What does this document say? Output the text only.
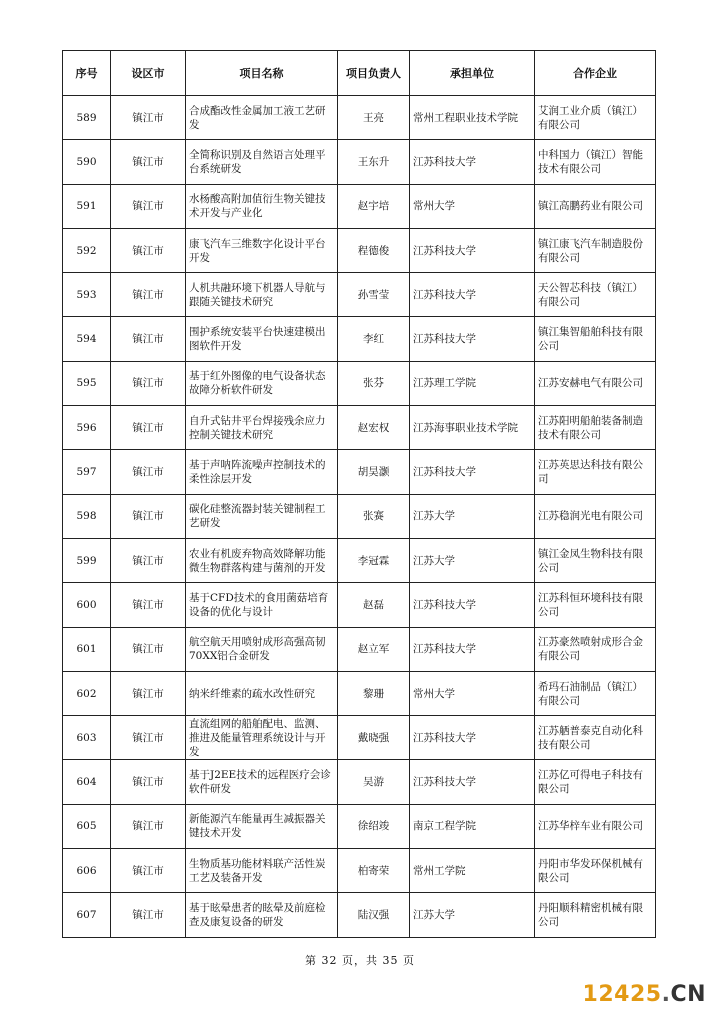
序号	设区市	项目名称	项目负责人	承担单位	合作企业
589	镇江市	合成酯改性金属加工液工艺研发	王亮	常州工程职业技术学院	艾润工业介质（镇江）有限公司
590	镇江市	全简称识别及自然语言处理平台系统研发	王东升	江苏科技大学	中科国力（镇江）智能技术有限公司
591	镇江市	水杨酸高附加值衍生物关键技术开发与产业化	赵宇培	常州大学	镇江高鹏药业有限公司
592	镇江市	康飞汽车三维数字化设计平台开发	程德俊	江苏科技大学	镇江康飞汽车制造股份有限公司
593	镇江市	人机共融环境下机器人导航与跟随关键技术研究	孙雪莹	江苏科技大学	天公智芯科技（镇江）有限公司
594	镇江市	围护系统安装平台快速建模出图软件开发	李红	江苏科技大学	镇江集智船舶科技有限公司
595	镇江市	基于红外图像的电气设备状态故障分析软件研发	张芬	江苏理工学院	江苏安赫电气有限公司
596	镇江市	自升式钻井平台焊接残余应力控制关键技术研究	赵宏权	江苏海事职业技术学院	江苏阳明船舶装备制造技术有限公司
597	镇江市	基于声呐阵流噪声控制技术的柔性涂层开发	胡昊灏	江苏科技大学	江苏英思达科技有限公司
598	镇江市	碳化硅整流器封装关键制程工艺研发	张赛	江苏大学	江苏稳润光电有限公司
599	镇江市	农业有机废弃物高效降解功能微生物群落构建与菌剂的开发	李冠霖	江苏大学	镇江金凤生物科技有限公司
600	镇江市	基于CFD技术的食用菌菇培育设备的优化与设计	赵磊	江苏科技大学	江苏科恒环境科技有限公司
601	镇江市	航空航天用喷射成形高强高韧70XX铝合金研发	赵立军	江苏科技大学	江苏豪然喷射成形合金有限公司
602	镇江市	纳米纤维素的疏水改性研究	黎珊	常州大学	希玛石油制品（镇江）有限公司
603	镇江市	直流组网的船舶配电、监测、推进及能量管理系统设计与开发	戴晓强	江苏科技大学	江苏舾普泰克自动化科技有限公司
604	镇江市	基于J2EE技术的远程医疗会诊软件研发	吴游	江苏科技大学	江苏亿可得电子科技有限公司
605	镇江市	新能源汽车能量再生减振器关键技术开发	徐绍竣	南京工程学院	江苏华梓车业有限公司
606	镇江市	生物质基功能材料联产活性炭工艺及装备开发	柏寄荣	常州工学院	丹阳市华发环保机械有限公司
607	镇江市	基于眩晕患者的眩晕及前庭检查及康复设备的研发	陆汉强	江苏大学	丹阳顺科精密机械有限公司
第 32 页，共 35 页
12425.CN
